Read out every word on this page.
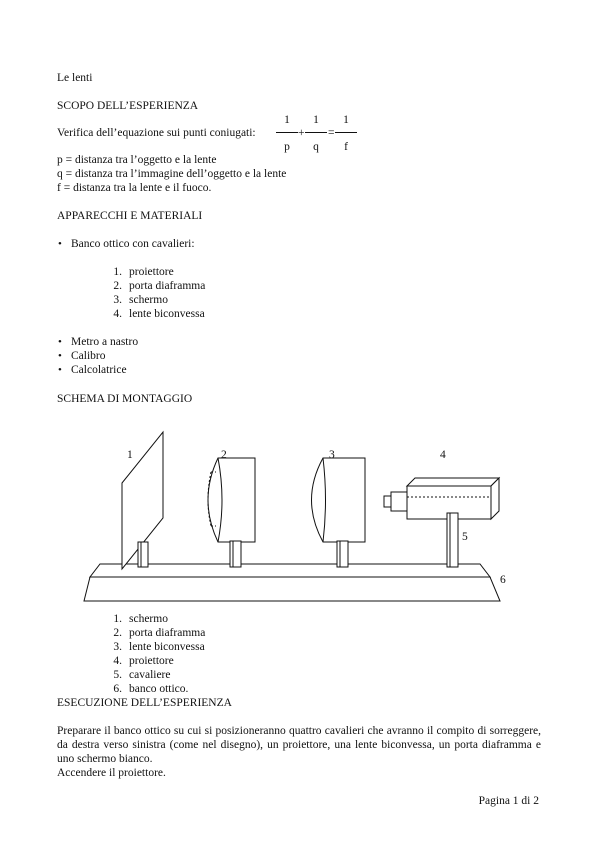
Le lenti
SCOPO DELL’ESPERIENZA
Verifica dell’equazione sui punti coniugati:
1
p
+
1
q
=
1
f
p = distanza tra l’oggetto e la lente
q = distanza tra l’immagine dell’oggetto e la lente
f = distanza tra la lente e il fuoco.
APPARECCHI E MATERIALI
• Banco ottico con cavalieri:
1. proiettore
2. porta diaframma
3. schermo
4. lente biconvessa
• Metro a nastro
• Calibro
• Calcolatrice
SCHEMA DI MONTAGGIO
1	2	3	4
5
6
1. schermo
2. porta diaframma
3. lente biconvessa
4. proiettore
5. cavaliere
6. banco ottico.
ESECUZIONE DELL’ESPERIENZA
Preparare il banco ottico su cui si posizioneranno quattro cavalieri che avranno il compito di sorreggere, da destra verso sinistra (come nel disegno), un proiettore, una lente biconvessa, un porta diaframma e uno schermo bianco.
Accendere il proiettore.
Pagina 1 di 2
